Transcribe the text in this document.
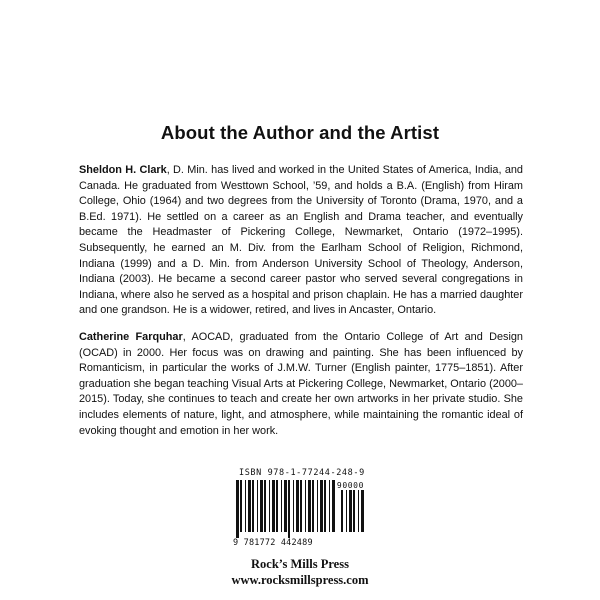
About the Author and the Artist

Sheldon H. Clark, D. Min. has lived and worked in the United States of America, India, and Canada. He graduated from Westtown School, ’59, and holds a B.A. (English) from Hiram College, Ohio (1964) and two degrees from the University of Toronto (Drama, 1970, and a B.Ed. 1971). He settled on a career as an English and Drama teacher, and eventually became the Headmaster of Pickering College, Newmarket, Ontario (1972–1995). Subsequently, he earned an M. Div. from the Earlham School of Religion, Richmond, Indiana (1999) and a D. Min. from Anderson University School of Theology, Anderson, Indiana (2003). He became a second career pastor who served several congregations in Indiana, where also he served as a hospital and prison chaplain. He has a married daughter and one grandson. He is a widower, retired, and lives in Ancaster, Ontario.

Catherine Farquhar, AOCAD, graduated from the Ontario College of Art and Design (OCAD) in 2000. Her focus was on drawing and painting. She has been influenced by Romanticism, in particular the works of J.M.W. Turner (English painter, 1775–1851). After graduation she began teaching Visual Arts at Pickering College, Newmarket, Ontario (2000–2015). Today, she continues to teach and create her own artworks in her private studio. She includes elements of nature, light, and atmosphere, while maintaining the romantic ideal of evoking thought and emotion in her work.

ISBN 978-1-77244-248-9
90000
9 781772 442489
Rock’s Mills Press
www.rocksmillspress.com
